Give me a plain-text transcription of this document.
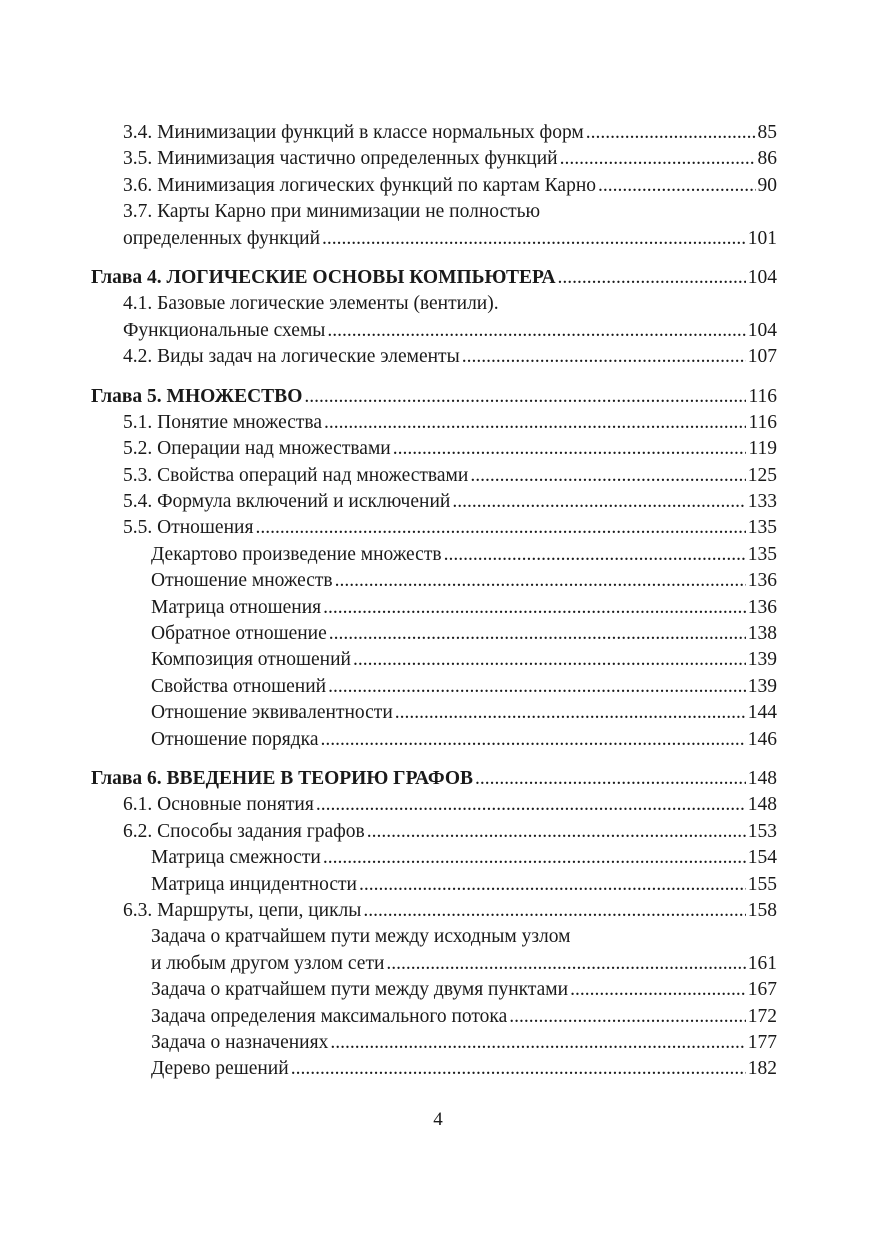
3.4. Минимизации функций в классе нормальных форм .....	85
3.5. Минимизация частично определенных функций .....	86
3.6. Минимизация логических функций по картам Карно .....	90
3.7. Карты Карно при минимизации не полностью
определенных функций .....	101
Глава 4. ЛОГИЧЕСКИЕ ОСНОВЫ КОМПЬЮТЕРА .....	104
4.1. Базовые логические элементы (вентили).
Функциональные схемы .....	104
4.2. Виды задач на логические элементы .....	107
Глава 5. МНОЖЕСТВО .....	116
5.1. Понятие множества .....	116
5.2. Операции над множествами .....	119
5.3. Свойства операций над множествами .....	125
5.4. Формула включений и исключений .....	133
5.5. Отношения .....	135
Декартово произведение множеств .....	135
Отношение множеств .....	136
Матрица отношения .....	136
Обратное отношение .....	138
Композиция отношений .....	139
Свойства отношений .....	139
Отношение эквивалентности .....	144
Отношение порядка .....	146
Глава 6. ВВЕДЕНИЕ В ТЕОРИЮ ГРАФОВ .....	148
6.1. Основные понятия .....	148
6.2. Способы задания графов .....	153
Матрица смежности .....	154
Матрица инцидентности .....	155
6.3. Маршруты, цепи, циклы .....	158
Задача о кратчайшем пути между исходным узлом
и любым другом узлом сети .....	161
Задача о кратчайшем пути между двумя пунктами .....	167
Задача определения максимального потока .....	172
Задача о назначениях .....	177
Дерево решений .....	182
4
